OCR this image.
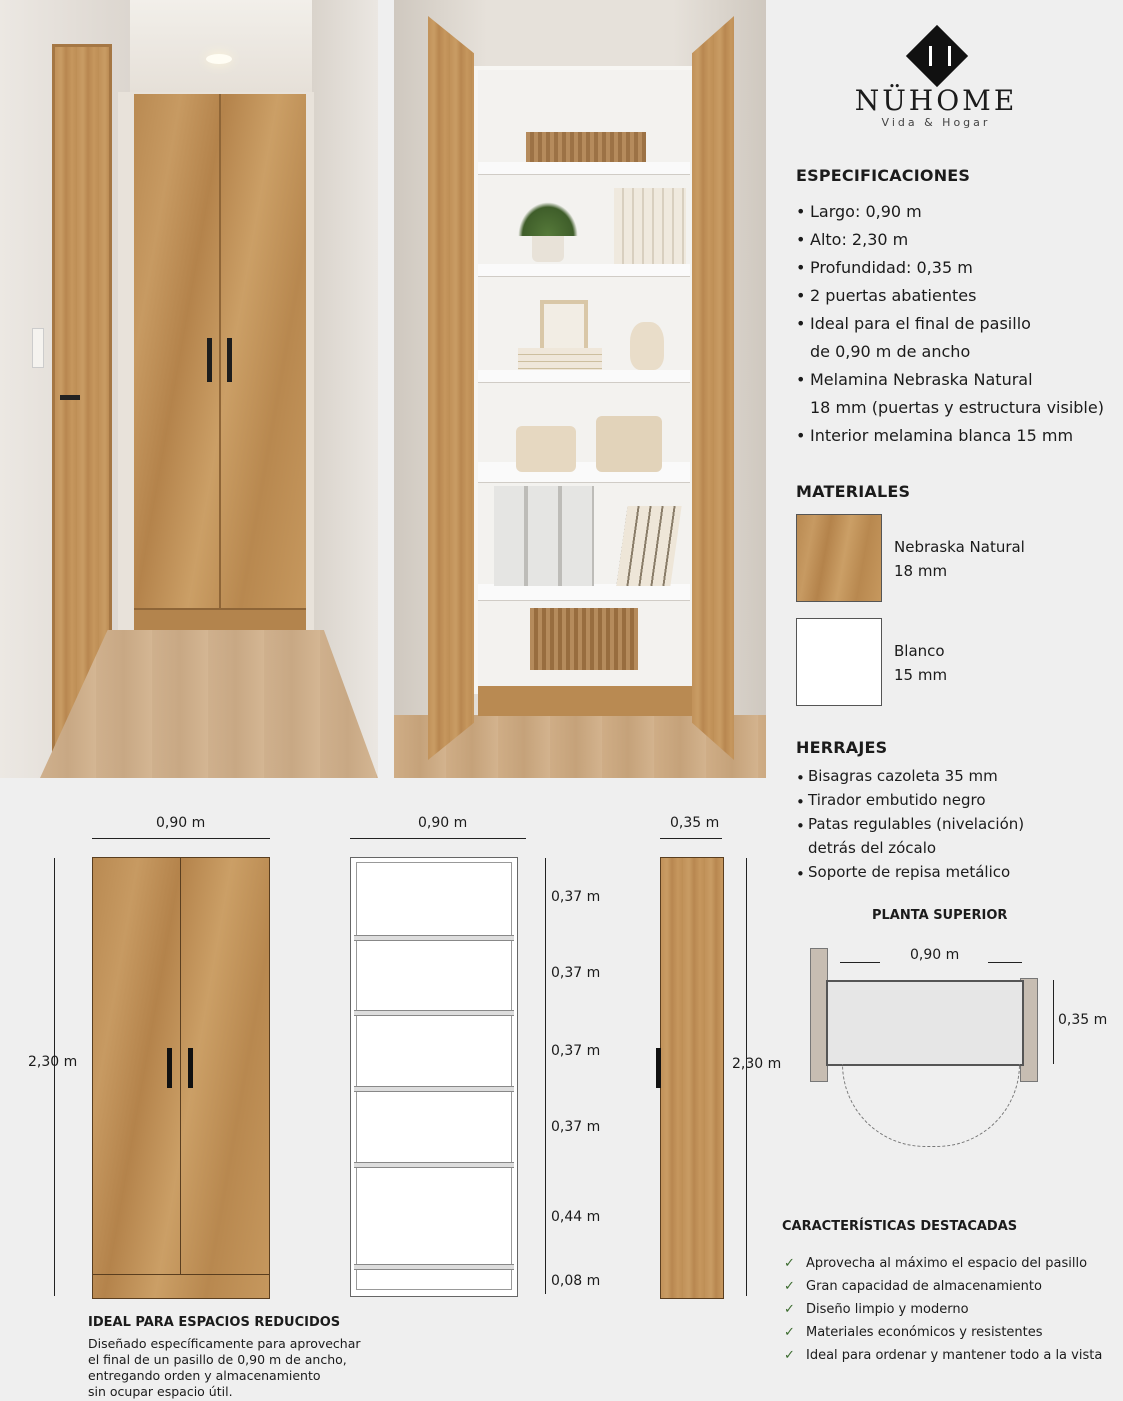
NÜHOME
Vida & Hogar
ESPECIFICACIONES
• Largo: 0,90 m
• Alto: 2,30 m
• Profundidad: 0,35 m
• 2 puertas abatientes
• Ideal para el final de pasillo
de 0,90 m de ancho
• Melamina Nebraska Natural
18 mm (puertas y estructura visible)
• Interior melamina blanca 15 mm
MATERIALES
Nebraska Natural
18 mm
Blanco
15 mm
HERRAJES
Bisagras cazoleta 35 mm
Tirador embutido negro
Patas regulables (nivelación)
detrás del zócalo
Soporte de repisa metálico
•
•
•

•
PLANTA SUPERIOR
0,90 m
0,35 m
CARACTERÍSTICAS DESTACADAS
✓ Aprovecha al máximo el espacio del pasillo
✓ Gran capacidad de almacenamiento
✓ Diseño limpio y moderno
✓ Materiales económicos y resistentes
✓ Ideal para ordenar y mantener todo a la vista
0,90 m
2,30 m
0,90 m
0,37 m
0,37 m
0,37 m
0,37 m
0,44 m
0,08 m
0,35 m
2,30 m
IDEAL PARA ESPACIOS REDUCIDOS
Diseñado específicamente para aprovechar
el final de un pasillo de 0,90 m de ancho,
entregando orden y almacenamiento
sin ocupar espacio útil.
